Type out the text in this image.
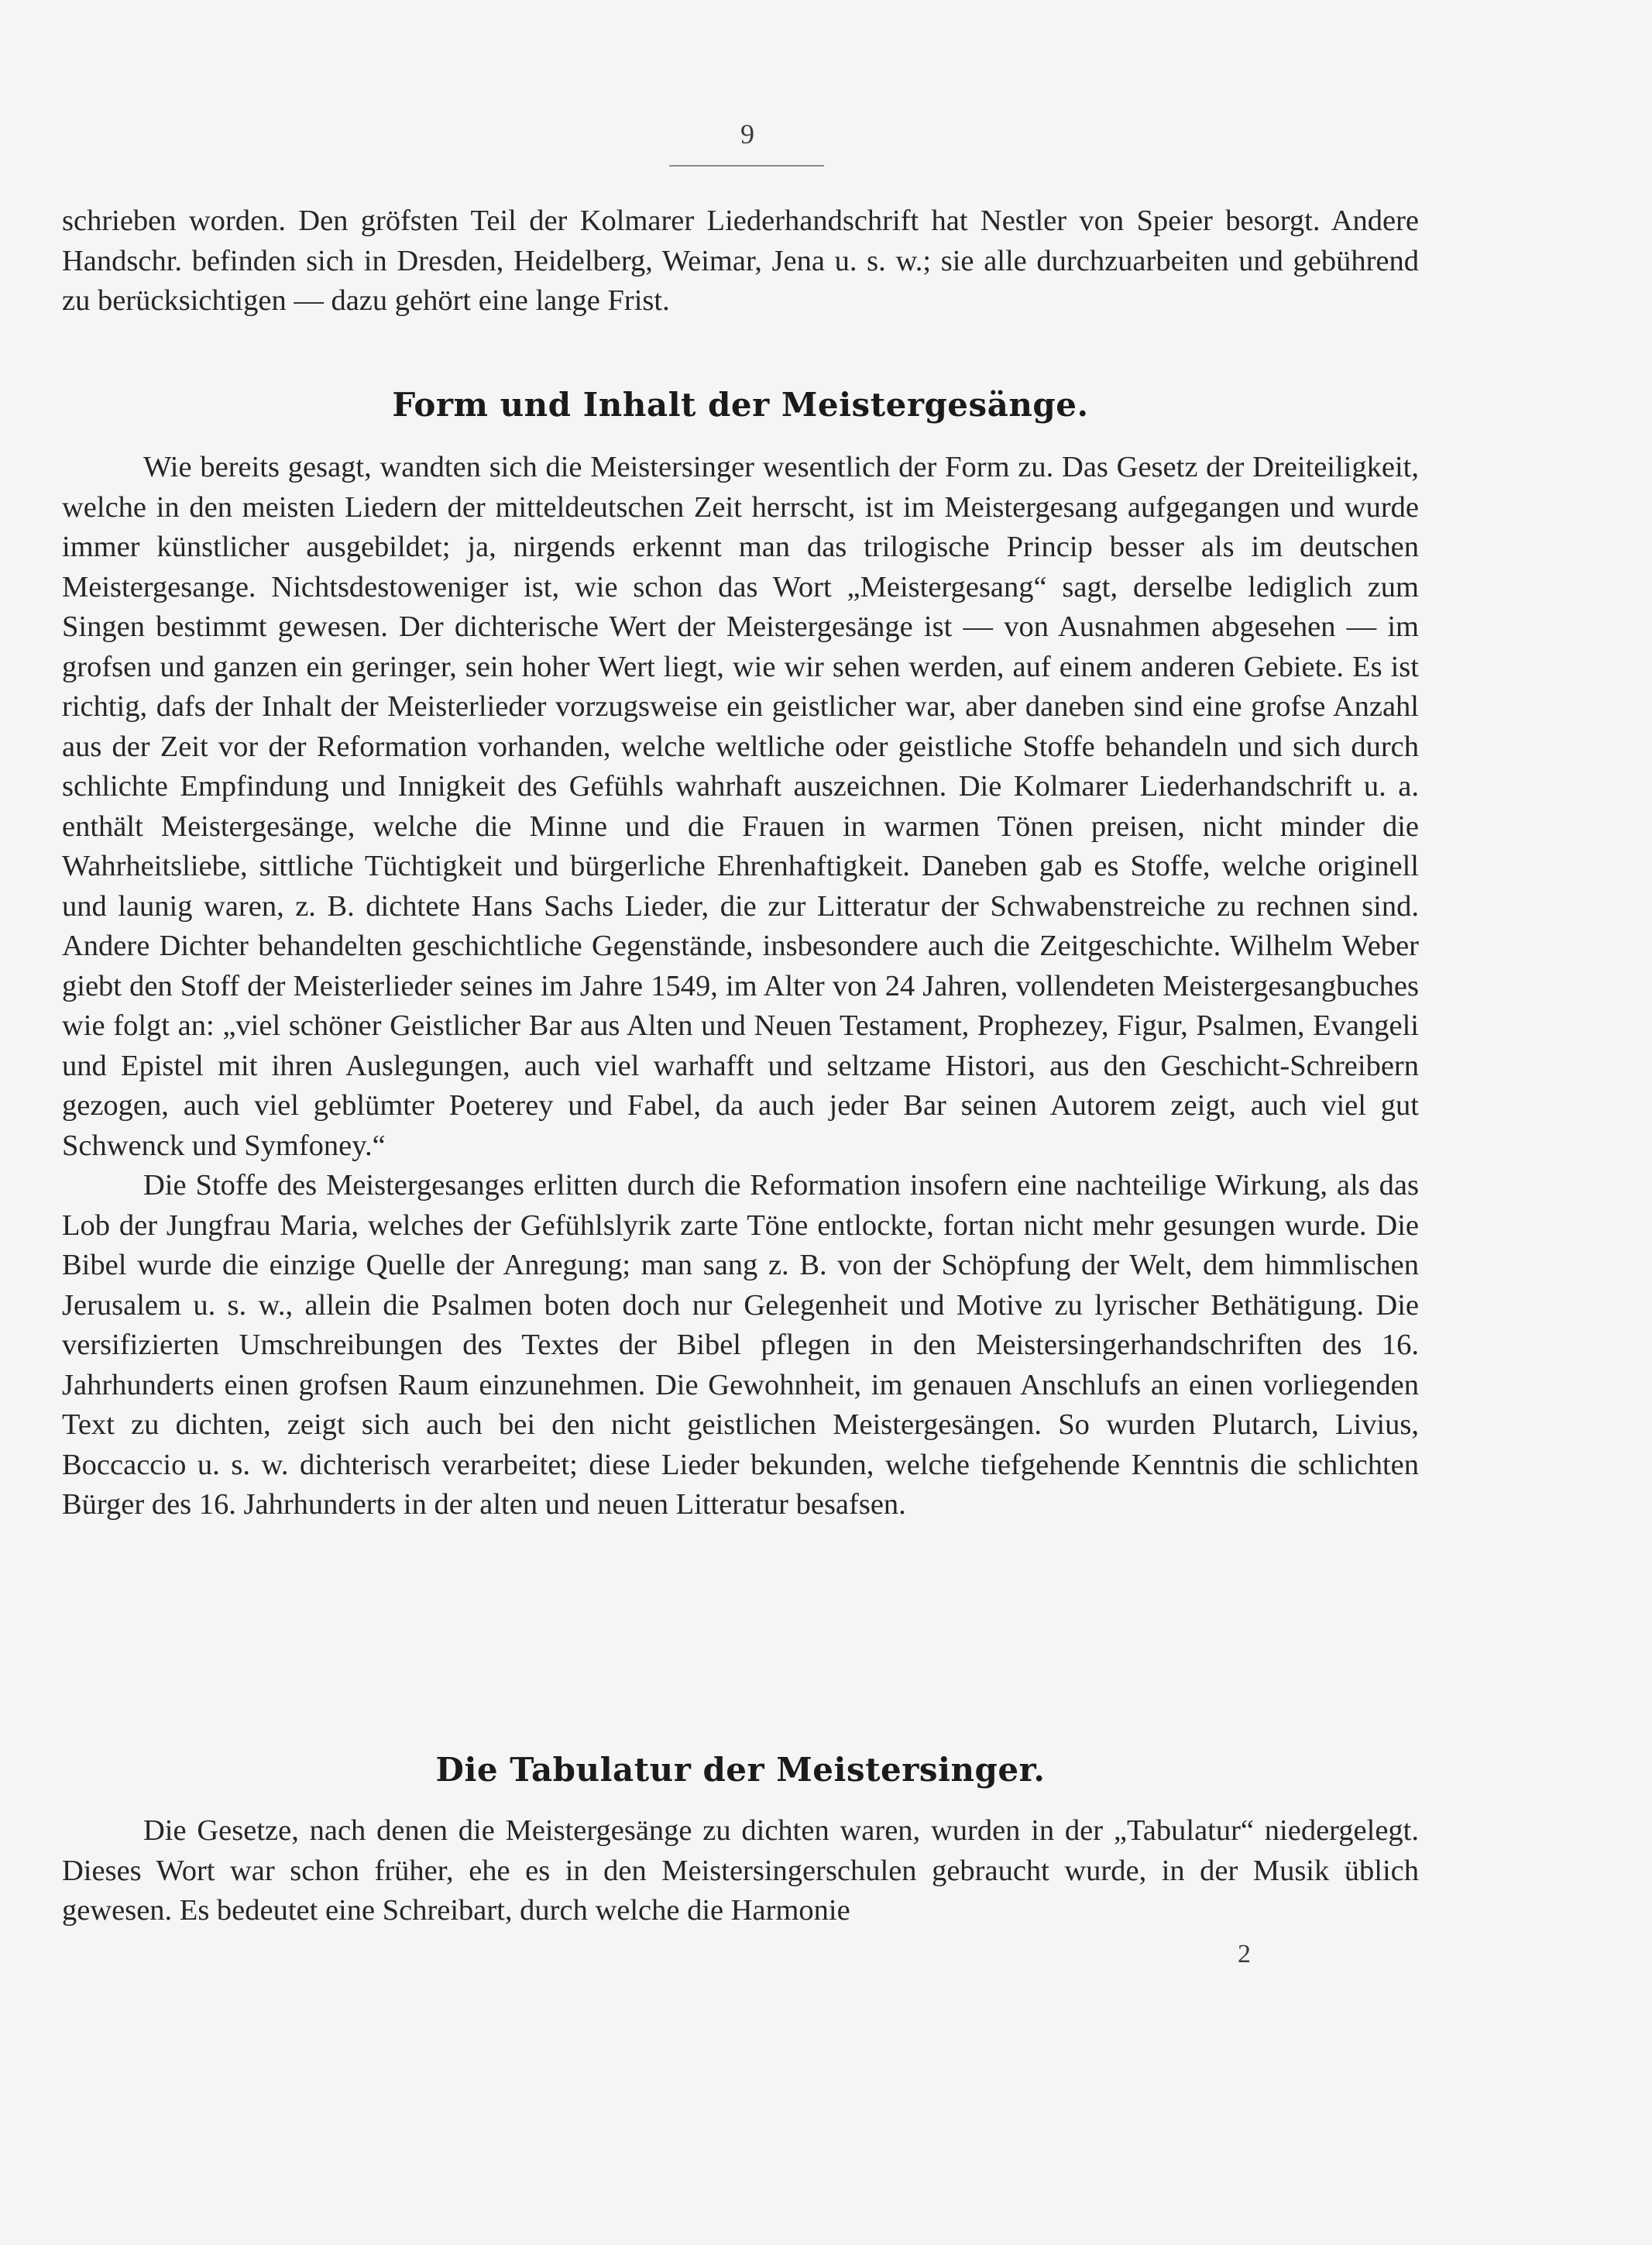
9

schrieben worden. Den gröfsten Teil der Kolmarer Liederhandschrift hat Nestler von Speier besorgt. Andere Handschr. befinden sich in Dresden, Heidelberg, Weimar, Jena u. s. w.; sie alle durchzuarbeiten und gebührend zu berücksichtigen — dazu gehört eine lange Frist.

Form und Inhalt der Meistergesänge.

Wie bereits gesagt, wandten sich die Meistersinger wesentlich der Form zu. Das Gesetz der Dreiteiligkeit, welche in den meisten Liedern der mitteldeutschen Zeit herrscht, ist im Meistergesang aufgegangen und wurde immer künstlicher ausgebildet; ja, nirgends erkennt man das trilogische Princip besser als im deutschen Meistergesange. Nichtsdestoweniger ist, wie schon das Wort „Meistergesang“ sagt, derselbe lediglich zum Singen bestimmt gewesen. Der dichterische Wert der Meistergesänge ist — von Ausnahmen abgesehen — im grofsen und ganzen ein geringer, sein hoher Wert liegt, wie wir sehen werden, auf einem anderen Gebiete. Es ist richtig, dafs der Inhalt der Meisterlieder vorzugsweise ein geistlicher war, aber daneben sind eine grofse Anzahl aus der Zeit vor der Reformation vorhanden, welche weltliche oder geistliche Stoffe behandeln und sich durch schlichte Empfindung und Innigkeit des Gefühls wahrhaft auszeichnen. Die Kolmarer Liederhandschrift u. a. enthält Meistergesänge, welche die Minne und die Frauen in warmen Tönen preisen, nicht minder die Wahrheitsliebe, sittliche Tüchtigkeit und bürgerliche Ehrenhaftigkeit. Daneben gab es Stoffe, welche originell und launig waren, z. B. dichtete Hans Sachs Lieder, die zur Litteratur der Schwabenstreiche zu rechnen sind. Andere Dichter behandelten geschichtliche Gegenstände, insbesondere auch die Zeitgeschichte. Wilhelm Weber giebt den Stoff der Meisterlieder seines im Jahre 1549, im Alter von 24 Jahren, vollendeten Meistergesangbuches wie folgt an: „viel schöner Geistlicher Bar aus Alten und Neuen Testament, Prophezey, Figur, Psalmen, Evangeli und Epistel mit ihren Auslegungen, auch viel warhafft und seltzame Histori, aus den Geschicht-Schreibern gezogen, auch viel geblümter Poeterey und Fabel, da auch jeder Bar seinen Autorem zeigt, auch viel gut Schwenck und Symfoney.“

Die Stoffe des Meistergesanges erlitten durch die Reformation insofern eine nachteilige Wirkung, als das Lob der Jungfrau Maria, welches der Gefühlslyrik zarte Töne entlockte, fortan nicht mehr gesungen wurde. Die Bibel wurde die einzige Quelle der Anregung; man sang z. B. von der Schöpfung der Welt, dem himmlischen Jerusalem u. s. w., allein die Psalmen boten doch nur Gelegenheit und Motive zu lyrischer Bethätigung. Die versifizierten Umschreibungen des Textes der Bibel pflegen in den Meistersingerhandschriften des 16. Jahrhunderts einen grofsen Raum einzunehmen. Die Gewohnheit, im genauen Anschlufs an einen vorliegenden Text zu dichten, zeigt sich auch bei den nicht geistlichen Meistergesängen. So wurden Plutarch, Livius, Boccaccio u. s. w. dichterisch verarbeitet; diese Lieder bekunden, welche tiefgehende Kenntnis die schlichten Bürger des 16. Jahrhunderts in der alten und neuen Litteratur besafsen.

Die Tabulatur der Meistersinger.

Die Gesetze, nach denen die Meistergesänge zu dichten waren, wurden in der „Tabulatur“ niedergelegt. Dieses Wort war schon früher, ehe es in den Meistersingerschulen gebraucht wurde, in der Musik üblich gewesen. Es bedeutet eine Schreibart, durch welche die Harmonie

2
